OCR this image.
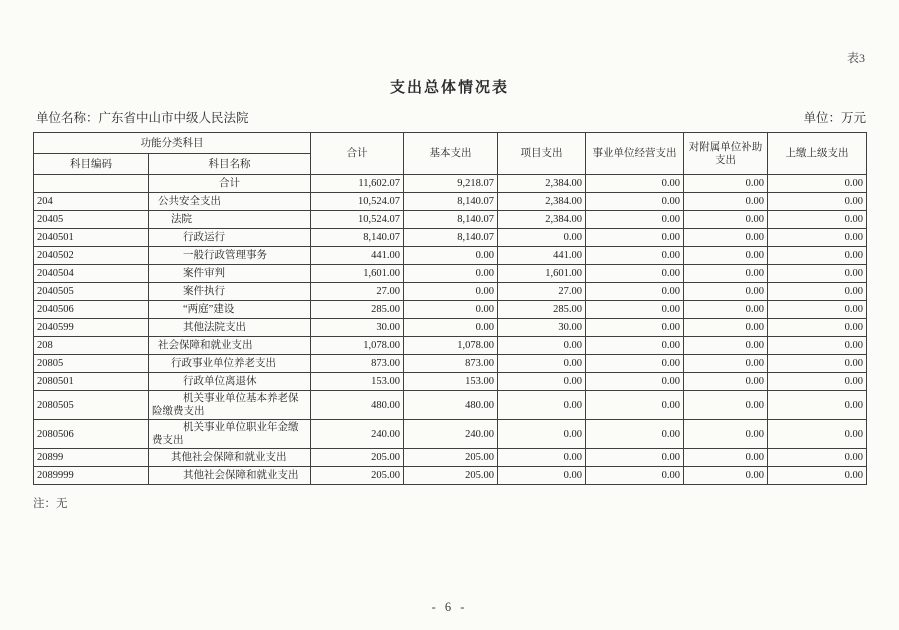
表3
支出总体情况表
单位名称：广东省中山市中级人民法院	单位：万元
功能分类科目		合计	基本支出	项目支出	事业单位经营支出	对附属单位补助支出	上缴上级支出
科目编码	科目名称						
	合计	11,602.07	9,218.07	2,384.00	0.00	0.00	0.00
204	公共安全支出	10,524.07	8,140.07	2,384.00	0.00	0.00	0.00
20405	法院	10,524.07	8,140.07	2,384.00	0.00	0.00	0.00
2040501	行政运行	8,140.07	8,140.07	0.00	0.00	0.00	0.00
2040502	一般行政管理事务	441.00	0.00	441.00	0.00	0.00	0.00
2040504	案件审判	1,601.00	0.00	1,601.00	0.00	0.00	0.00
2040505	案件执行	27.00	0.00	27.00	0.00	0.00	0.00
2040506	“两庭”建设	285.00	0.00	285.00	0.00	0.00	0.00
2040599	其他法院支出	30.00	0.00	30.00	0.00	0.00	0.00
208	社会保障和就业支出	1,078.00	1,078.00	0.00	0.00	0.00	0.00
20805	行政事业单位养老支出	873.00	873.00	0.00	0.00	0.00	0.00
2080501	行政单位离退休	153.00	153.00	0.00	0.00	0.00	0.00
2080505	机关事业单位基本养老保险缴费支出	480.00	480.00	0.00	0.00	0.00	0.00
2080506	机关事业单位职业年金缴费支出	240.00	240.00	0.00	0.00	0.00	0.00
20899	其他社会保障和就业支出	205.00	205.00	0.00	0.00	0.00	0.00
2089999	其他社会保障和就业支出	205.00	205.00	0.00	0.00	0.00	0.00
注：无
- 6 -
